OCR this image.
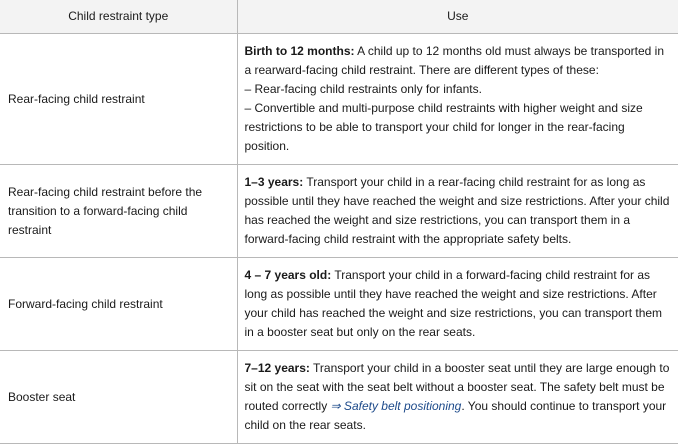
Child restraint type	Use
Rear-facing child restraint	Birth to 12 months: A child up to 12 months old must always be transported in a rearward-facing child restraint. There are different types of these:
– Rear-facing child restraints only for infants.
– Convertible and multi-purpose child restraints with higher weight and size restrictions to be able to transport your child for longer in the rear-facing position.
Rear-facing child restraint before the transition to a forward-facing child restraint	1–3 years: Transport your child in a rear-facing child restraint for as long as possible until they have reached the weight and size restrictions. After your child has reached the weight and size restrictions, you can transport them in a forward-facing child restraint with the appropriate safety belts.
Forward-facing child restraint	4 – 7 years old: Transport your child in a forward-facing child restraint for as long as possible until they have reached the weight and size restrictions. After your child has reached the weight and size restrictions, you can transport them in a booster seat but only on the rear seats.
Booster seat	7–12 years: Transport your child in a booster seat until they are large enough to sit on the seat with the seat belt without a booster seat. The safety belt must be routed correctly ⇒ Safety belt positioning. You should continue to transport your child on the rear seats.
